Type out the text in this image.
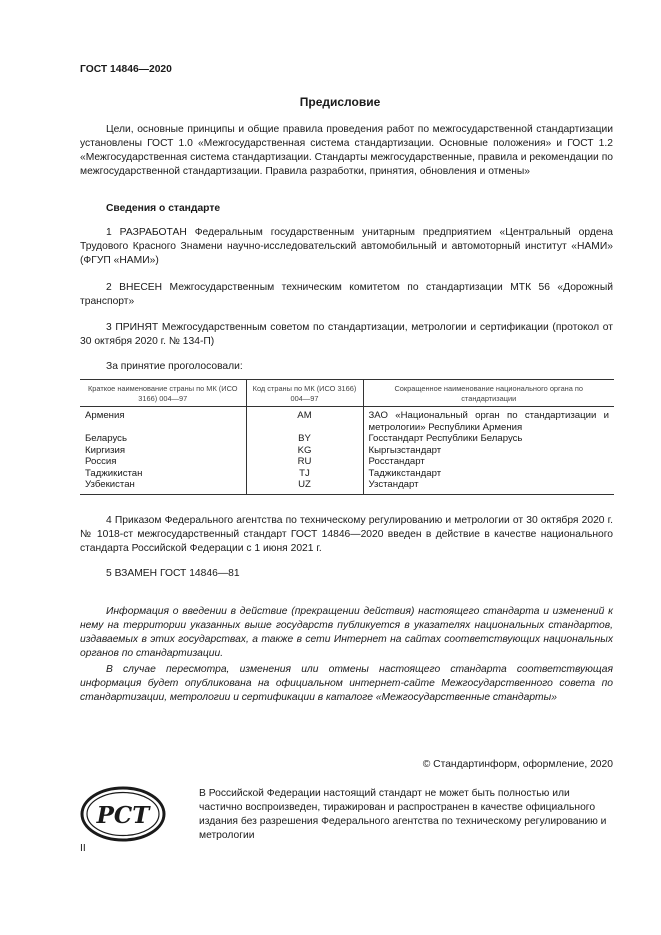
ГОСТ 14846—2020
Предисловие

Цели, основные принципы и общие правила проведения работ по межгосударственной стандартизации установлены ГОСТ 1.0 «Межгосударственная система стандартизации. Основные положения» и ГОСТ 1.2 «Межгосударственная система стандартизации. Стандарты межгосударственные, правила и рекомендации по межгосударственной стандартизации. Правила разработки, принятия, обновления и отмены»

Сведения о стандарте

1 РАЗРАБОТАН Федеральным государственным унитарным предприятием «Центральный ордена Трудового Красного Знамени научно-исследовательский автомобильный и автомоторный институт «НАМИ» (ФГУП «НАМИ»)

2 ВНЕСЕН Межгосударственным техническим комитетом по стандартизации МТК 56 «Дорожный транспорт»

3 ПРИНЯТ Межгосударственным советом по стандартизации, метрологии и сертификации (протокол от 30 октября 2020 г. № 134-П)

За принятие проголосовали:
Краткое наименование страны по МК (ИСО 3166) 004—97	Код страны по МК (ИСО 3166) 004—97	Сокращенное наименование национального органа по стандартизации
Армения	AM	ЗАО «Национальный орган по стандартизации и метрологии» Республики Армения
Беларусь	BY	Госстандарт Республики Беларусь
Киргизия	KG	Кыргызстандарт
Россия	RU	Росстандарт
Таджикистан	TJ	Таджикстандарт
Узбекистан	UZ	Узстандарт

4 Приказом Федерального агентства по техническому регулированию и метрологии от 30 октября 2020 г. № 1018-ст межгосударственный стандарт ГОСТ 14846—2020 введен в действие в качестве национального стандарта Российской Федерации с 1 июня 2021 г.

5 ВЗАМЕН ГОСТ 14846—81

Информация о введении в действие (прекращении действия) настоящего стандарта и изменений к нему на территории указанных выше государств публикуется в указателях национальных стандартов, издаваемых в этих государствах, а также в сети Интернет на сайтах соответствующих национальных органов по стандартизации.

В случае пересмотра, изменения или отмены настоящего стандарта соответствующая информация будет опубликована на официальном интернет-сайте Межгосударственного совета по стандартизации, метрологии и сертификации в каталоге «Межгосударственные стандарты»

© Стандартинформ, оформление, 2020
РСТ
В Российской Федерации настоящий стандарт не может быть полностью или частично воспроизведен, тиражирован и распространен в качестве официального издания без разрешения Федерального агентства по техническому регулированию и метрологии
II
